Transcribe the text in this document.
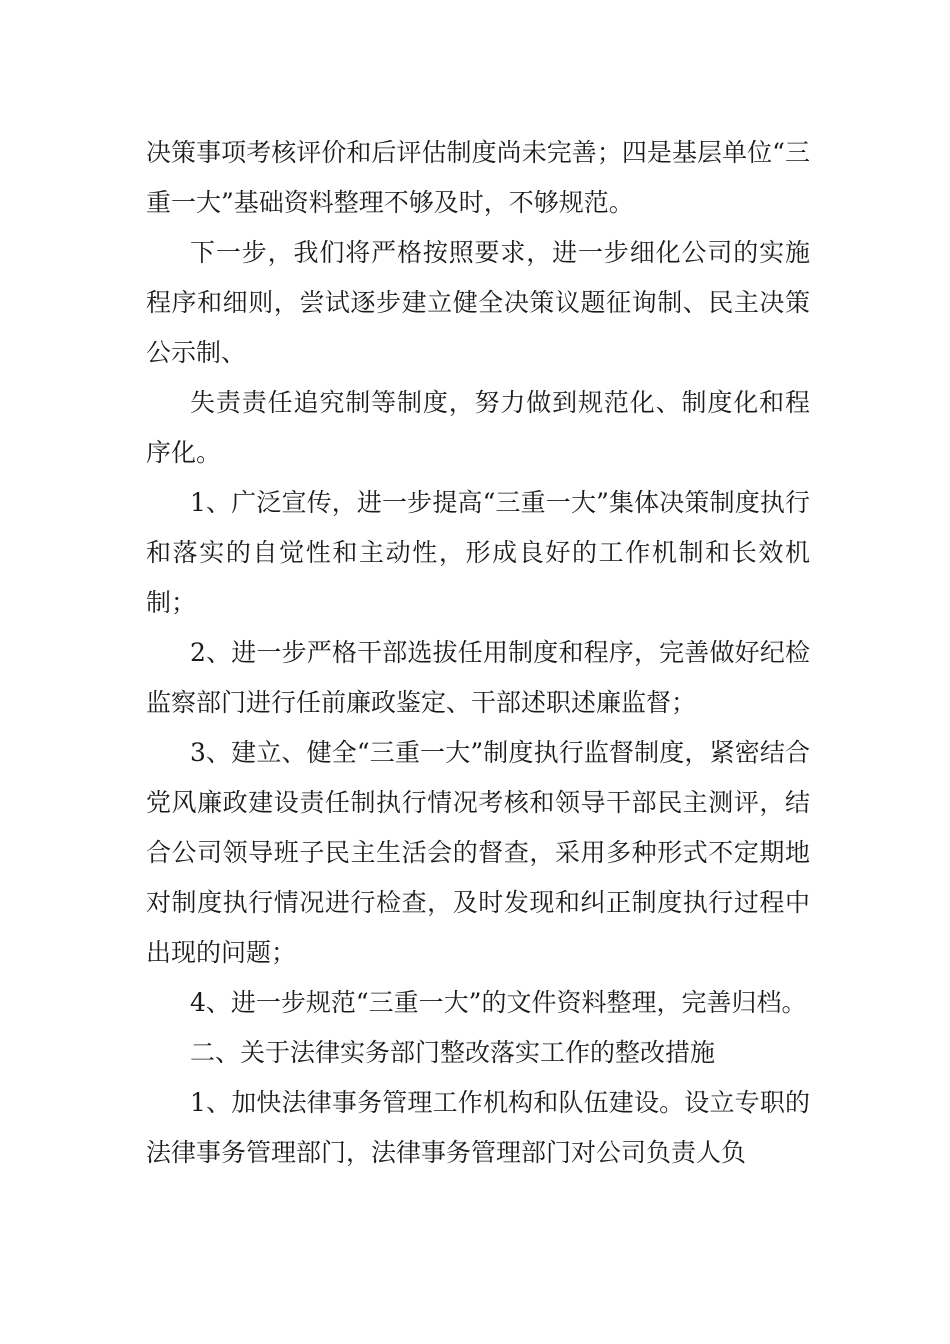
决策事项考核评价和后评估制度尚未完善；四是基层单位“三重一大”基础资料整理不够及时，不够规范。

下一步，我们将严格按照要求，进一步细化公司的实施程序和细则，尝试逐步建立健全决策议题征询制、民主决策公示制、

失责责任追究制等制度，努力做到规范化、制度化和程序化。

1、广泛宣传，进一步提高“三重一大”集体决策制度执行和落实的自觉性和主动性，形成良好的工作机制和长效机制；

2、进一步严格干部选拔任用制度和程序，完善做好纪检监察部门进行任前廉政鉴定、干部述职述廉监督；

3、建立、健全“三重一大”制度执行监督制度，紧密结合党风廉政建设责任制执行情况考核和领导干部民主测评，结合公司领导班子民主生活会的督查，采用多种形式不定期地对制度执行情况进行检查，及时发现和纠正制度执行过程中出现的问题；

4、进一步规范“三重一大”的文件资料整理，完善归档。

二、关于法律实务部门整改落实工作的整改措施

1、加快法律事务管理工作机构和队伍建设。设立专职的法律事务管理部门，法律事务管理部门对公司负责人负
